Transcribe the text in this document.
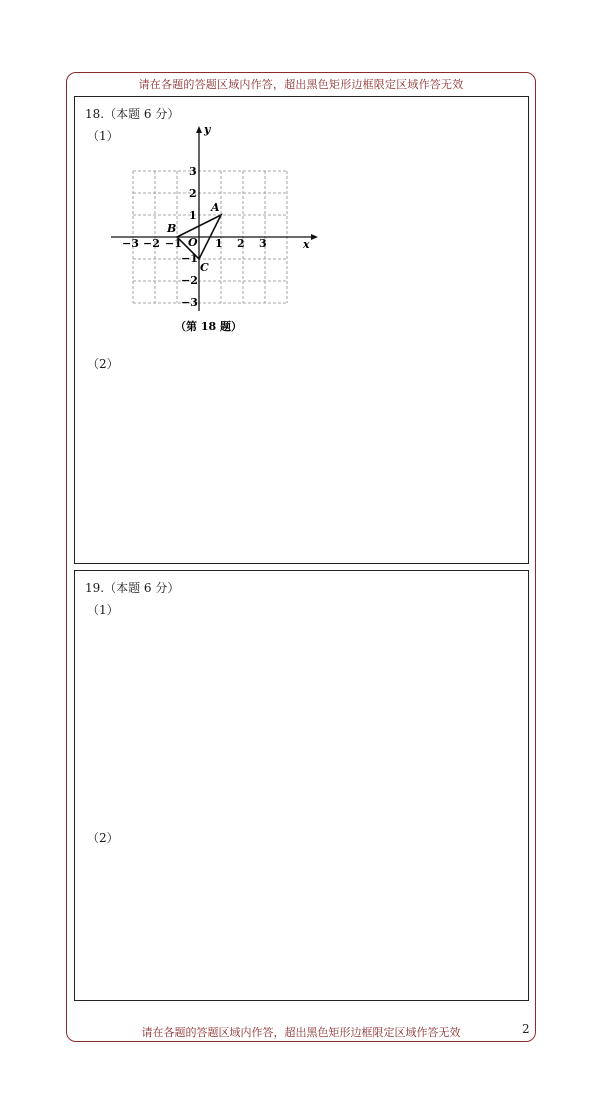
请在各题的答题区域内作答，超出黑色矩形边框限定区域作答无效
18.（本题 6 分）
（1）
（2）
x
y
O
−3 −2 −1	1 2 3
3
2
1
−1
−2
−3
A
B
C
（第 18 题）
19.（本题 6 分）
（1）
（2）
请在各题的答题区域内作答，超出黑色矩形边框限定区域作答无效	2
